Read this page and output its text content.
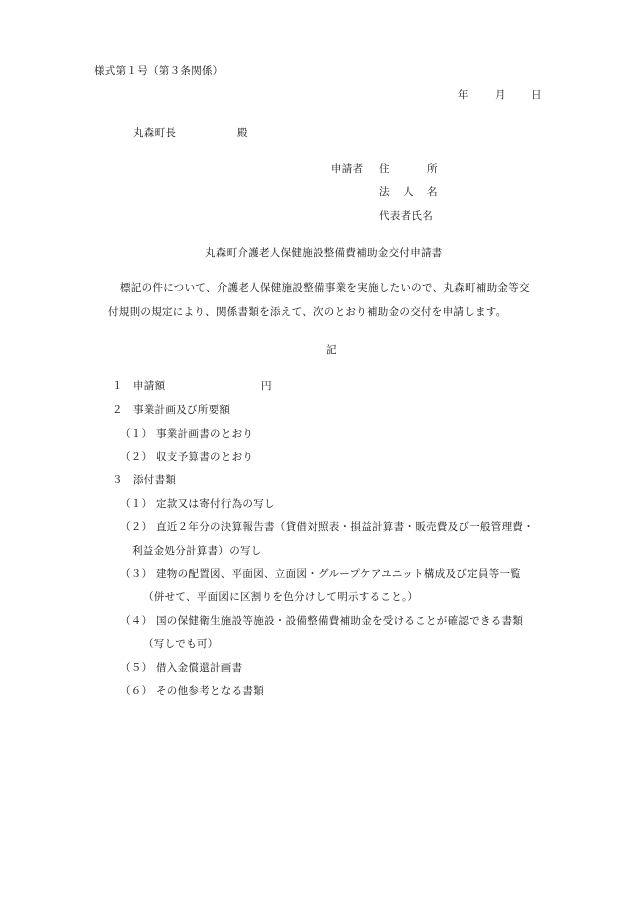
様式第１号（第３条関係）
年 月 日
丸森町長	殿
申請者 住	所
法 人 名
代表者氏名
丸森町介護老人保健施設整備費補助金交付申請書
標記の件について、介護老人保健施設整備事業を実施したいので、丸森町補助金等交
付規則の規定により、関係書類を添えて、次のとおり補助金の交付を申請します。
記
１ 申請額	円
２ 事業計画及び所要額
（１） 事業計画書のとおり
（２） 収支予算書のとおり
３ 添付書類
（１） 定款又は寄付行為の写し
（２） 直近２年分の決算報告書（貸借対照表・損益計算書・販売費及び一般管理費・
利益金処分計算書）の写し
（３） 建物の配置図、平面図、立面図・グループケアユニット構成及び定員等一覧
（併せて、平面図に区割りを色分けして明示すること。）
（４） 国の保健衛生施設等施設・設備整備費補助金を受けることが確認できる書類
（写しでも可）
（５） 借入金償還計画書
（６） その他参考となる書類
